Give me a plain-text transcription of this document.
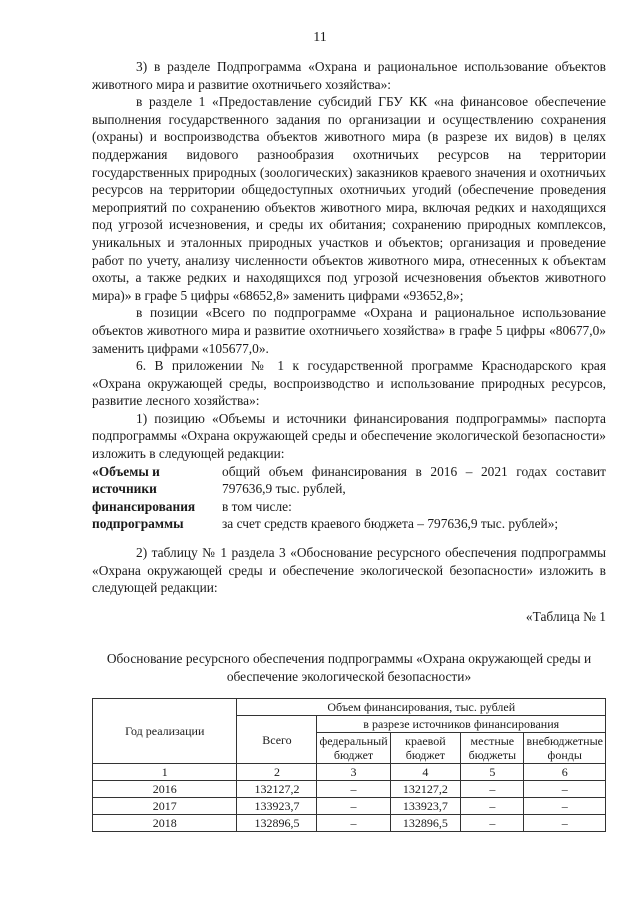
11

3) в разделе Подпрограмма «Охрана и рациональное использование объектов животного мира и развитие охотничьего хозяйства»:

в разделе 1 «Предоставление субсидий ГБУ КК «на финансовое обеспечение выполнения государственного задания по организации и осуществлению сохранения (охраны) и воспроизводства объектов животного мира (в разрезе их видов) в целях поддержания видового разнообразия охотничьих ресурсов на территории государственных природных (зоологических) заказников краевого значения и охотничьих ресурсов на территории общедоступных охотничьих угодий (обеспечение проведения мероприятий по сохранению объектов животного мира, включая редких и находящихся под угрозой исчезновения, и среды их обитания; сохранению природных комплексов, уникальных и эталонных природных участков и объектов; организация и проведение работ по учету, анализу численности объектов животного мира, отнесенных к объектам охоты, а также редких и находящихся под угрозой исчезновения объектов животного мира)» в графе 5 цифры «68652,8» заменить цифрами «93652,8»;

в позиции «Всего по подпрограмме «Охрана и рациональное использование объектов животного мира и развитие охотничьего хозяйства» в графе 5 цифры «80677,0» заменить цифрами «105677,0».

6. В приложении № 1 к государственной программе Краснодарского края «Охрана окружающей среды, воспроизводство и использование природных ресурсов, развитие лесного хозяйства»:

1) позицию «Объемы и источники финансирования подпрограммы» паспорта подпрограммы «Охрана окружающей среды и обеспечение экологической безопасности» изложить в следующей редакции:

«Объемы и источники финансирования подпрограммы
общий объем финансирования в 2016 – 2021 годах составит 797636,9 тыс. рублей,
в том числе:
за счет средств краевого бюджета – 797636,9 тыс. рублей»;

2) таблицу № 1 раздела 3 «Обоснование ресурсного обеспечения подпрограммы «Охрана окружающей среды и обеспечение экологической безопасности» изложить в следующей редакции:

«Таблица № 1

Обоснование ресурсного обеспечения подпрограммы «Охрана окружающей среды и обеспечение экологической безопасности»
Год реализации	Объем финансирования, тыс. рублей				
	Всего	в разрезе источников финансирования			
		федеральный бюджет	краевой бюджет	местные бюджеты	внебюджетные фонды
1	2	3	4	5	6
2016	132127,2	–	132127,2	–	–
2017	133923,7	–	133923,7	–	–
2018	132896,5	–	132896,5	–	–
